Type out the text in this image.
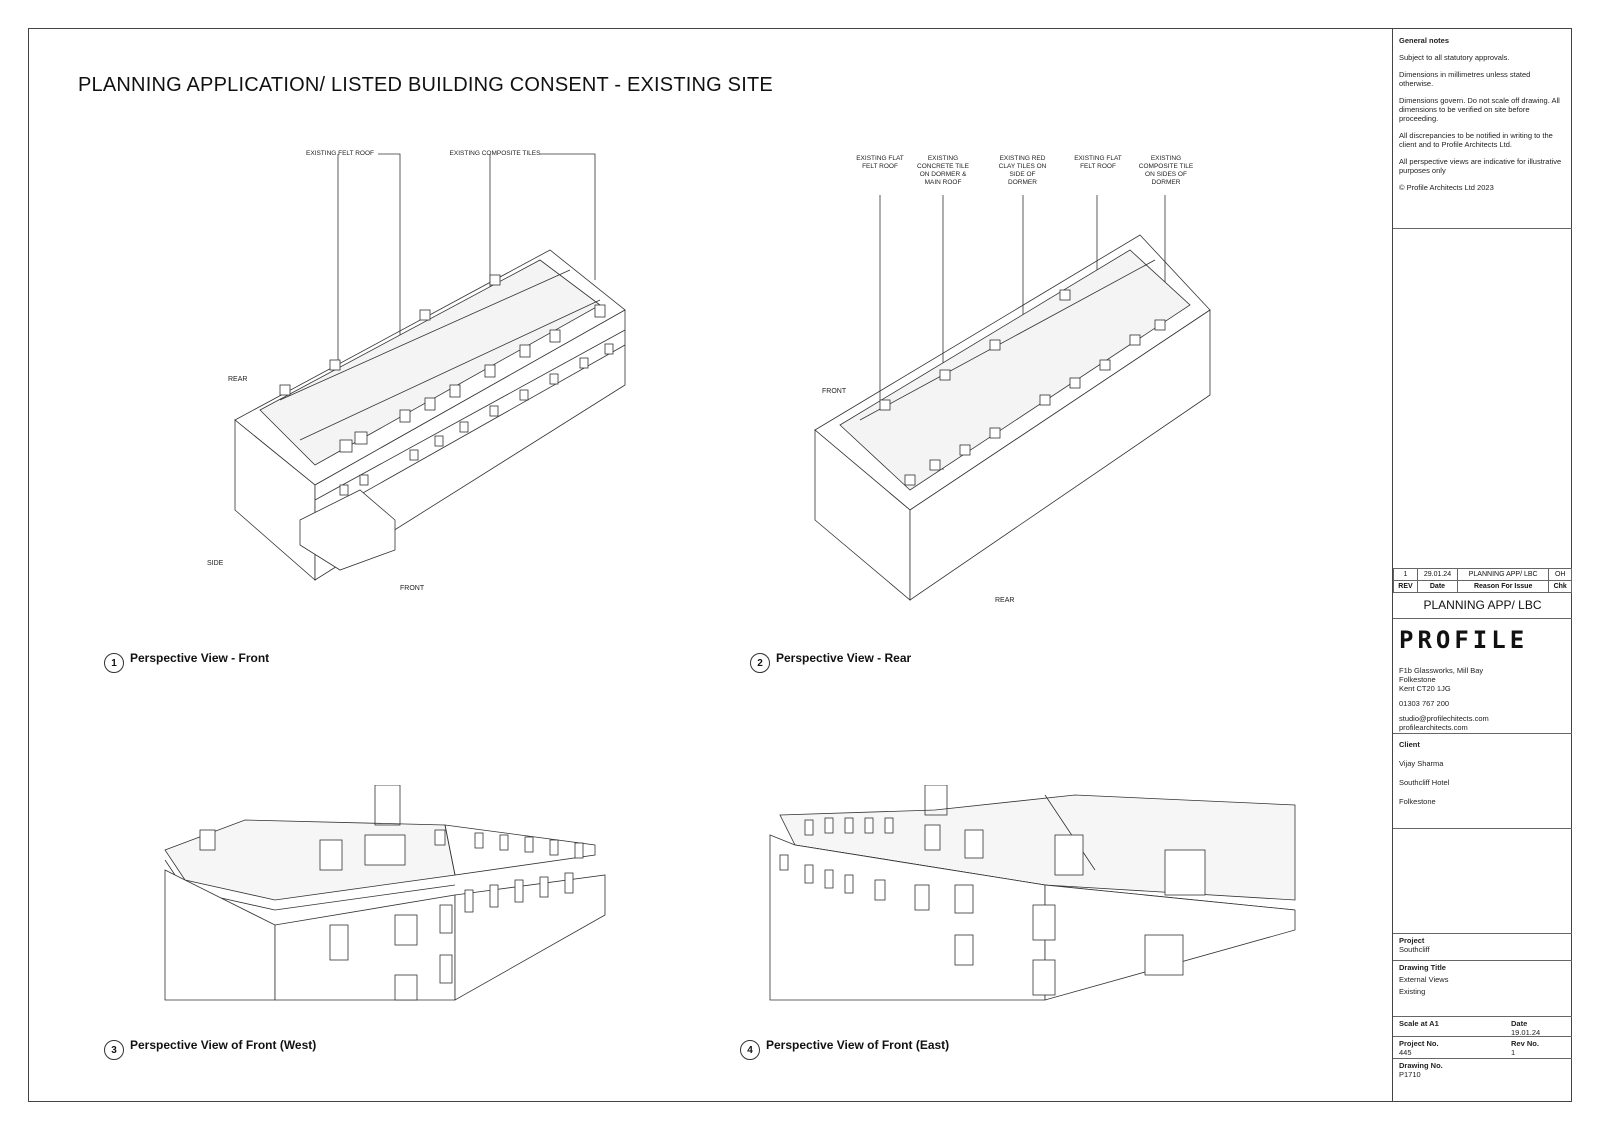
PLANNING APPLICATION/ LISTED BUILDING CONSENT - EXISTING SITE
EXISTING FELT ROOF	EXISTING COMPOSITE TILES
REAR
SIDE
FRONT
1	Perspective View - Front
EXISTING FLAT FELT ROOF
EXISTING CONCRETE TILE ON DORMER & MAIN ROOF
EXISTING RED CLAY TILES ON SIDE OF DORMER
EXISTING FLAT FELT ROOF
EXISTING COMPOSITE TILE ON SIDES OF DORMER
FRONT
REAR
2	Perspective View - Rear
3	Perspective View of Front (West)	4	Perspective View of Front (East)
General notes
Subject to all statutory approvals.
Dimensions in millimetres unless stated otherwise.
Dimensions govern. Do not scale off drawing. All dimensions to be verified on site before proceeding.
All discrepancies to be notified in writing to the client and to Profile Architects Ltd.
All perspective views are indicative for illustrative purposes only
© Profile Architects Ltd 2023
1	29.01.24	PLANNING APP/ LBC	OH
REV	Date	Reason For Issue	Chk
PLANNING APP/ LBC
PROFILE
F1b Glassworks, Mill Bay
Folkestone
Kent CT20 1JG
01303 767 200
studio@profilechitects.com
profilearchitects.com
Client
Vijay Sharma
Southcliff Hotel
Folkestone
Project
Southcliff
Drawing Title
External Views
Existing
Scale at A1	Date
19.01.24
Project No.
445
Rev No.
1
Drawing No.
P1710
